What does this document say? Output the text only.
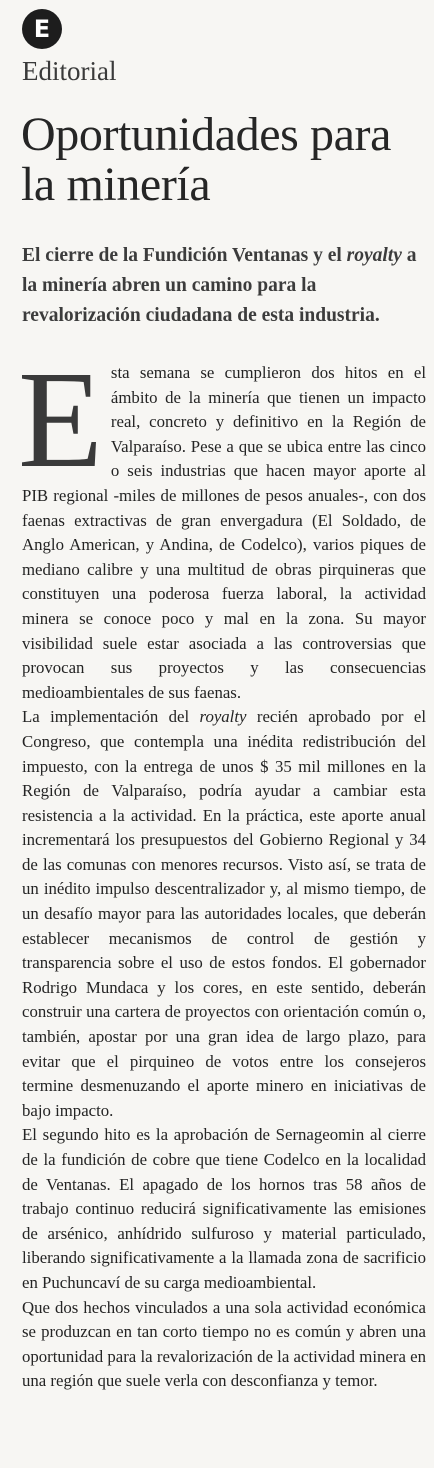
E
Editorial
Oportunidades para la minería

El cierre de la Fundición Ventanas y el royalty a la minería abren un camino para la revalorización ciudadana de esta industria.

Esta semana se cumplieron dos hitos en el ámbito de la minería que tienen un impacto real, concreto y definitivo en la Región de Valparaíso. Pese a que se ubica entre las cinco o seis industrias que hacen mayor aporte al PIB regional -miles de millones de pesos anuales-, con dos faenas extractivas de gran envergadura (El Soldado, de Anglo American, y Andina, de Codelco), varios piques de mediano calibre y una multitud de obras pirquineras que constituyen una poderosa fuerza laboral, la actividad minera se conoce poco y mal en la zona. Su mayor visibilidad suele estar asociada a las controversias que provocan sus proyectos y las consecuencias medioambientales de sus faenas.

La implementación del royalty recién aprobado por el Congreso, que contempla una inédita redistribución del impuesto, con la entrega de unos $ 35 mil millones en la Región de Valparaíso, podría ayudar a cambiar esta resistencia a la actividad. En la práctica, este aporte anual incrementará los presupuestos del Gobierno Regional y 34 de las comunas con menores recursos. Visto así, se trata de un inédito impulso descentralizador y, al mismo tiempo, de un desafío mayor para las autoridades locales, que deberán establecer mecanismos de control de gestión y transparencia sobre el uso de estos fondos. El gobernador Rodrigo Mundaca y los cores, en este sentido, deberán construir una cartera de proyectos con orientación común o, también, apostar por una gran idea de largo plazo, para evitar que el pirquineo de votos entre los consejeros termine desmenuzando el aporte minero en iniciativas de bajo impacto.

El segundo hito es la aprobación de Sernageomin al cierre de la fundición de cobre que tiene Codelco en la localidad de Ventanas. El apagado de los hornos tras 58 años de trabajo continuo reducirá significativamente las emisiones de arsénico, anhídrido sulfuroso y material particulado, liberando significativamente a la llamada zona de sacrificio en Puchuncaví de su carga medioambiental.

Que dos hechos vinculados a una sola actividad económica se produzcan en tan corto tiempo no es común y abren una oportunidad para la revalorización de la actividad minera en una región que suele verla con desconfianza y temor.
